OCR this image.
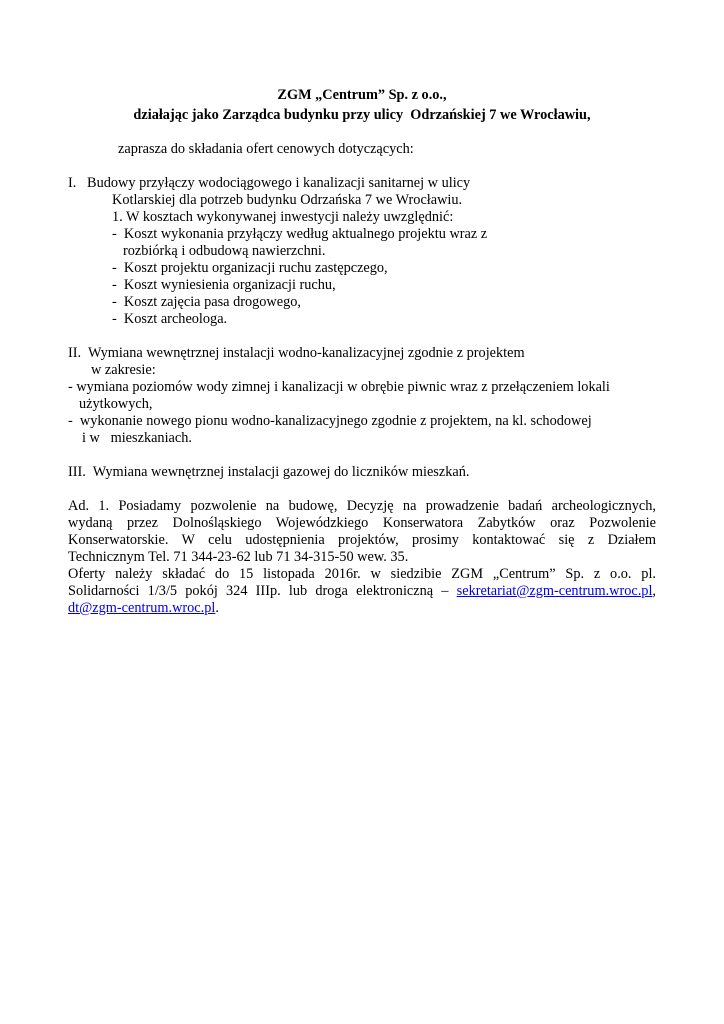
ZGM „Centrum” Sp. z o.o.,
działając jako Zarządca budynku przy ulicy  Odrzańskiej 7 we Wrocławiu,
zaprasza do składania ofert cenowych dotyczących:
I.   Budowy przyłączy wodociągowego i kanalizacji sanitarnej w ulicy
Kotlarskiej dla potrzeb budynku Odrzańska 7 we Wrocławiu.
1. W kosztach wykonywanej inwestycji należy uwzględnić:
-  Koszt wykonania przyłączy według aktualnego projektu wraz z
rozbiórką i odbudową nawierzchni.
-  Koszt projektu organizacji ruchu zastępczego,
-  Koszt wyniesienia organizacji ruchu,
-  Koszt zajęcia pasa drogowego,
-  Koszt archeologa.
II.  Wymiana wewnętrznej instalacji wodno-kanalizacyjnej zgodnie z projektem
w zakresie:
- wymiana poziomów wody zimnej i kanalizacji w obrębie piwnic wraz z przełączeniem lokali
użytkowych,
-  wykonanie nowego pionu wodno-kanalizacyjnego zgodnie z projektem, na kl. schodowej
i w   mieszkaniach.
III.  Wymiana wewnętrznej instalacji gazowej do liczników mieszkań.

Ad. 1. Posiadamy pozwolenie na budowę, Decyzję na prowadzenie badań archeologicznych,

wydaną przez Dolnośląskiego Wojewódzkiego Konserwatora Zabytków oraz Pozwolenie

Konserwatorskie. W celu udostępnienia projektów, prosimy kontaktować się z Działem

Technicznym Tel. 71 344-23-62 lub 71 34-315-50 wew. 35.

Oferty należy składać do 15 listopada 2016r. w siedzibie ZGM „Centrum” Sp. z o.o. pl.

Solidarności 1/3/5 pokój 324 IIIp. lub droga elektroniczną – sekretariat@zgm-centrum.wroc.pl,

dt@zgm-centrum.wroc.pl.
